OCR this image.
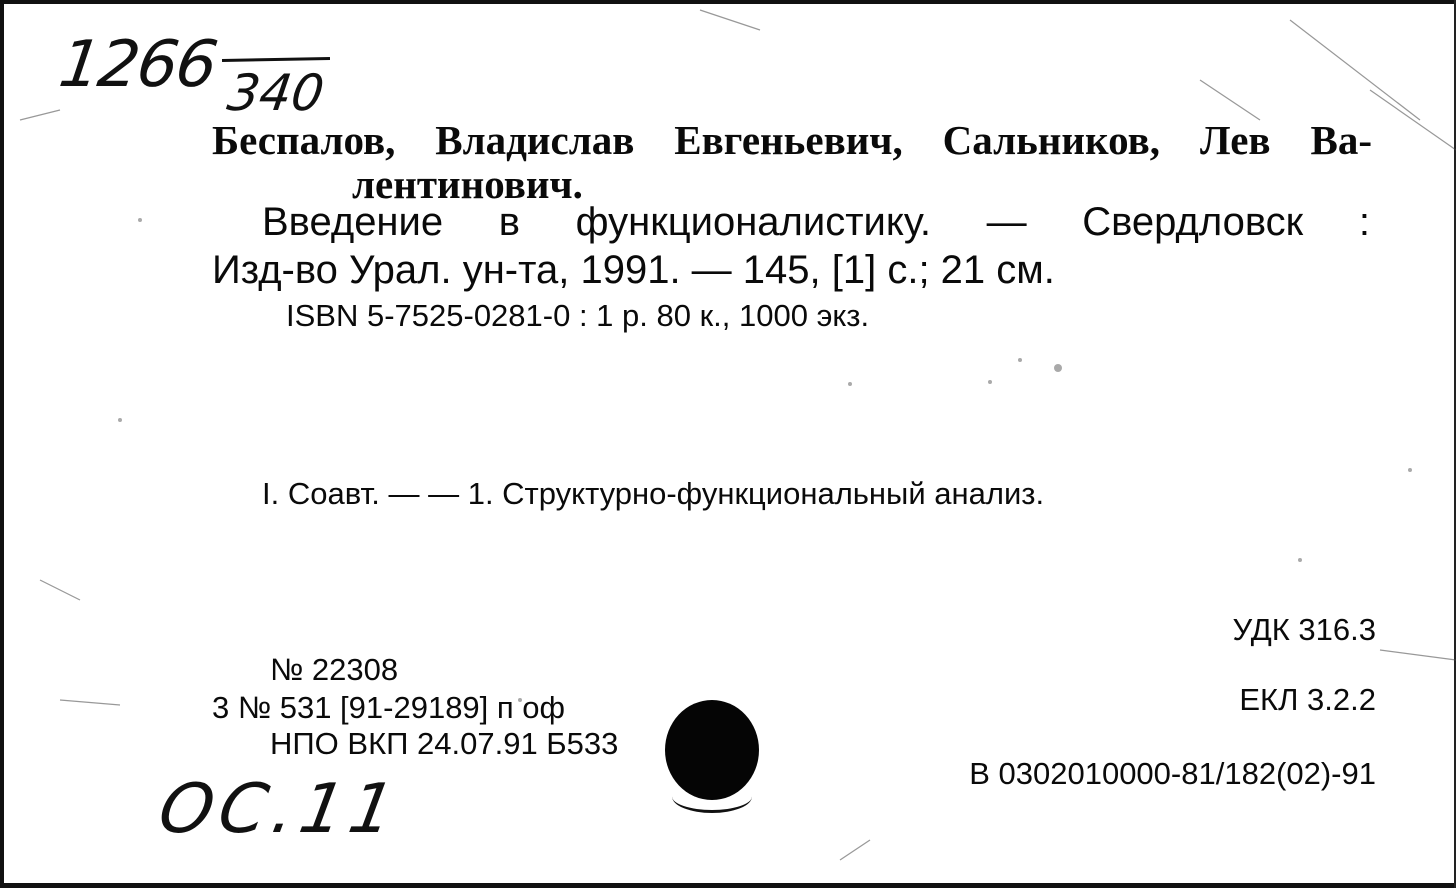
1266 340
Беспалов, Владислав Евгеньевич, Сальников, Лев Ва-
лентинович.
Введение в функционалистику. — Свердловск :
Изд-во Урал. ун-та, 1991. — 145, [1] с.; 21 см.
ISBN 5-7525-0281-0 : 1 р. 80 к., 1000 экз.
I. Соавт. — — 1. Структурно-функциональный анализ.
УДК 316.3
№ 22308
3 № 531 [91-29189] п оф	ЕКЛ 3.2.2
НПО ВКП 24.07.91 Б533
В 0302010000-81/182(02)-91
ОС.11
